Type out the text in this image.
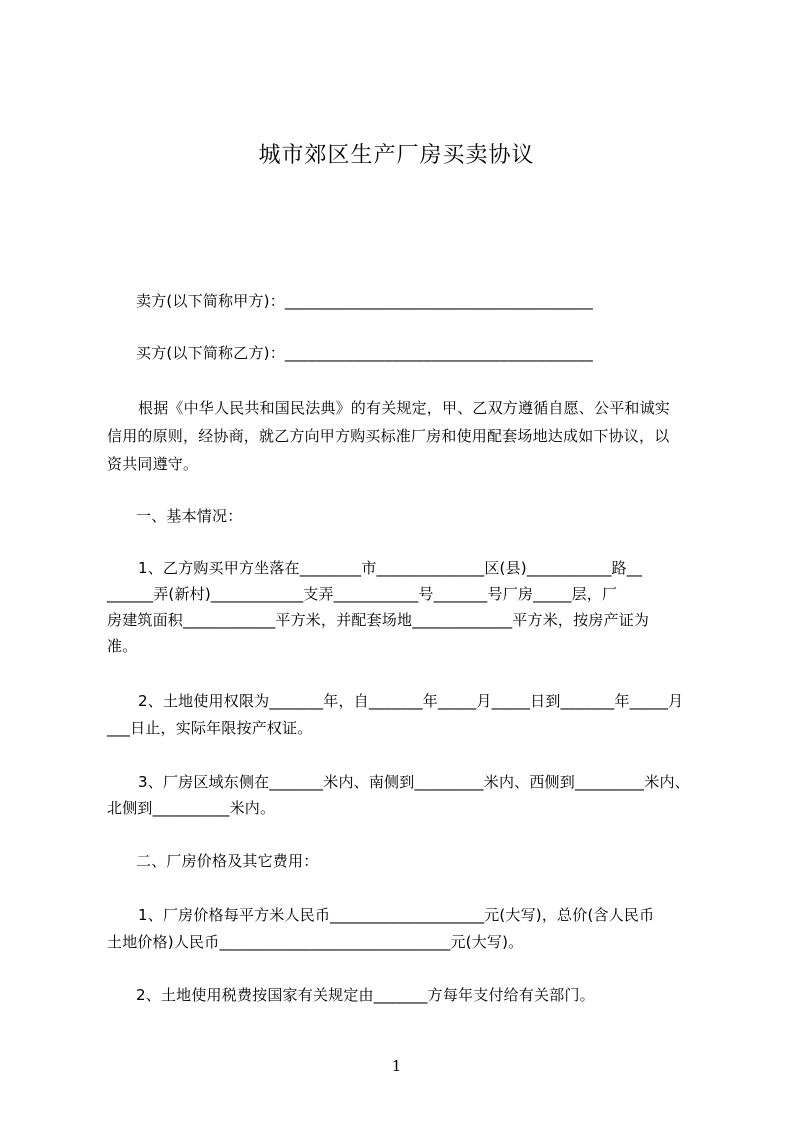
城市郊区生产厂房买卖协议
卖方(以下简称甲方)：________________________________________
买方(以下简称乙方)：________________________________________
根据《中华人民共和国民法典》的有关规定，甲、乙双方遵循自愿、公平和诚实
信用的原则，经协商，就乙方向甲方购买标准厂房和使用配套场地达成如下协议，以
资共同遵守。
一、基本情况：
1、乙方购买甲方坐落在________市______________区(县)___________路__
______弄(新村)____________支弄___________号_______号厂房_____层，厂
房建筑面积____________平方米，并配套场地_____________平方米，按房产证为
准。
2、土地使用权限为_______年，自_______年_____月_____日到_______年_____月
___日止，实际年限按产权证。
3、厂房区域东侧在_______米内、南侧到_________米内、西侧到_________米内、
北侧到__________米内。
二、厂房价格及其它费用：
1、厂房价格每平方米人民币____________________元(大写)，总价(含人民币
土地价格)人民币______________________________元(大写)。
2、土地使用税费按国家有关规定由_______方每年支付给有关部门。
1
